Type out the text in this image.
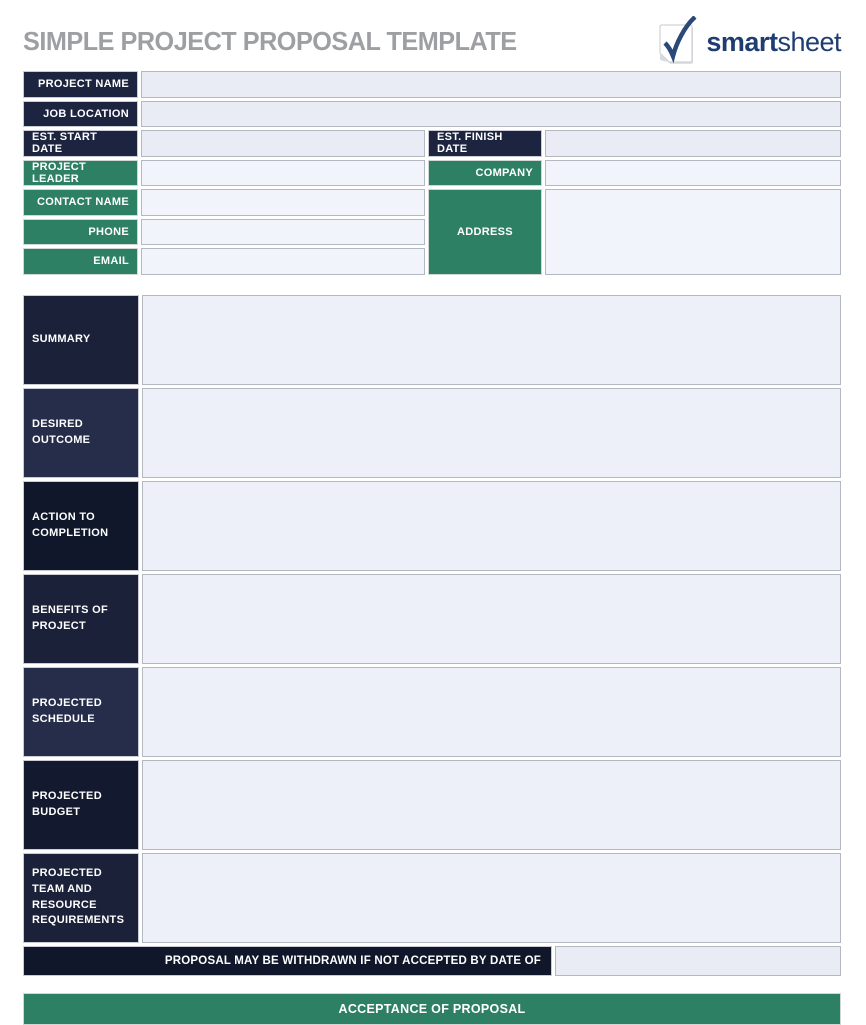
SIMPLE PROJECT PROPOSAL TEMPLATE	smartsheet
PROJECT NAME
JOB LOCATION
EST. START DATE
EST. FINISH DATE
PROJECT LEADER	COMPANY
CONTACT NAME
ADDRESS
PHONE
EMAIL
SUMMARY
DESIRED OUTCOME
ACTION TO COMPLETION
BENEFITS OF PROJECT
PROJECTED SCHEDULE
PROJECTED BUDGET
PROJECTED TEAM AND RESOURCE REQUIREMENTS
PROPOSAL MAY BE WITHDRAWN IF NOT ACCEPTED BY DATE OF
ACCEPTANCE OF PROPOSAL
